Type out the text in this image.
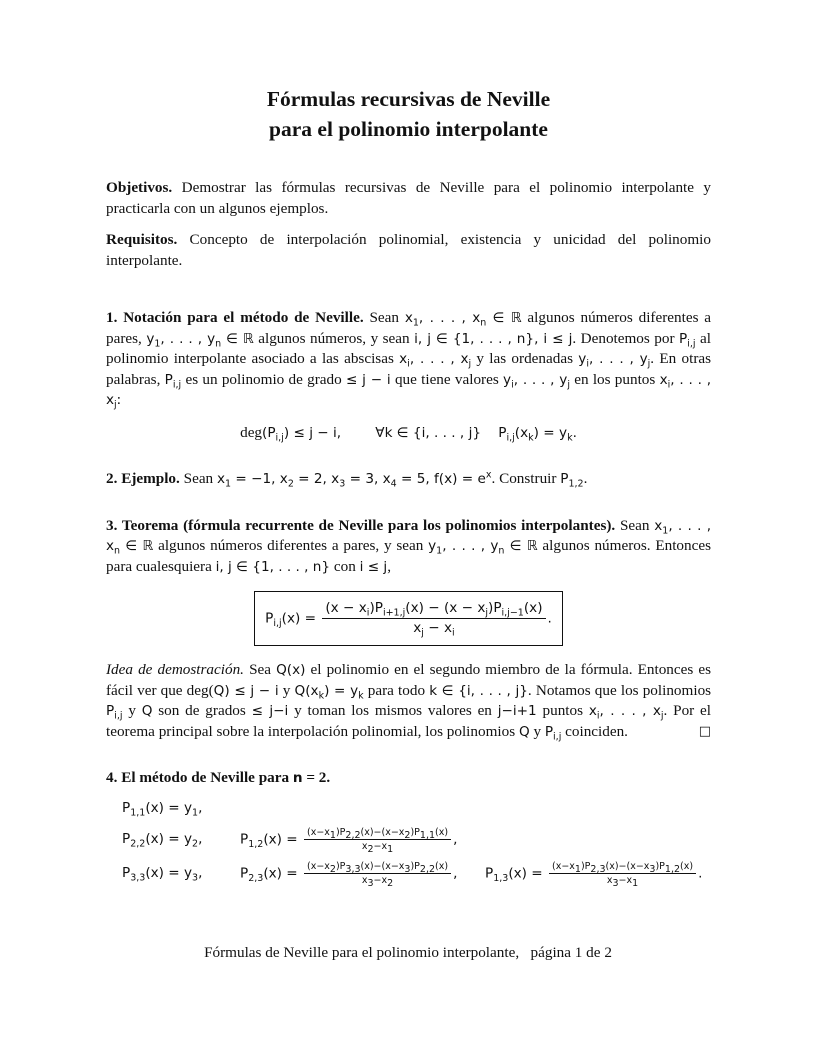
Fórmulas recursivas de Neville
para el polinomio interpolante

Objetivos. Demostrar las fórmulas recursivas de Neville para el polinomio interpolante y practicarla con un algunos ejemplos.

Requisitos. Concepto de interpolación polinomial, existencia y unicidad del polinomio interpolante.

1. Notación para el método de Neville. Sean $x_1$, . . . , $x_n$ ∈ ℝ algunos números diferentes a pares, $y_1$, . . . , $y_n$ ∈ ℝ algunos números, y sean i, j ∈ {1, . . . , n}, i ≤ j. Denotemos por $P_{i,j}$ al polinomio interpolante asociado a las abscisas $x_i$, . . . , $x_j$ y las ordenadas $y_i$, . . . , $y_j$. En otras palabras, $P_{i,j}$ es un polinomio de grado ≤ j − i que tiene valores $y_i$, . . . , $y_j$ en los puntos $x_i$, . . . , $x_j$:

$deg(P_{i,j}) \le j - i$,	∀k ∈ {i, . . . , j}    $P_{i,j}(x_k) = y_k$.

2. Ejemplo. Sean $x_1 = -1$, $x_2 = 2$, $x_3 = 3$, $x_4 = 5$, $f(x) = e^x$. Construir $P_{1,2}$.

3. Teorema (fórmula recurrente de Neville para los polinomios interpolantes). Sean $x_1$, . . . , $x_n$ ∈ ℝ algunos números diferentes a pares, y sean $y_1$, . . . , $y_n$ ∈ ℝ algunos números. Entonces para cualesquiera i, j ∈ {1, . . . , n} con i ≤ j,

$P_{i,j}(x) = \frac{(x - x_i)P_{i+1,j}(x) - (x - x_j)P_{i,j-1}(x)}{x_j - x_i}$ .

Idea de demostración. Sea Q(x) el polinomio en el segundo miembro de la fórmula. Entonces es fácil ver que deg(Q) ≤ j − i y $Q(x_k) = y_k$ para todo k ∈ {i, . . . , j}. Notamos que los polinomios $P_{i,j}$ y Q son de grados ≤ j−i y toman los mismos valores en j−i+1 puntos $x_i$, . . . , $x_j$. Por el teorema principal sobre la interpolación polinomial, los polinomios Q y $P_{i,j}$ coinciden.	□

4. El método de Neville para n = 2.

$P_{1,1}(x) = y_1$,
$P_{2,2}(x) = y_2$,	$P_{1,2}(x) = \frac{(x-x_1)P_{2,2}(x)-(x-x_2)P_{1,1}(x)}{x_2-x_1}$ ,
$P_{3,3}(x) = y_3$,	$P_{2,3}(x) = \frac{(x-x_2)P_{3,3}(x)-(x-x_3)P_{2,2}(x)}{x_3-x_2}$ ,	$P_{1,3}(x) = \frac{(x-x_1)P_{2,3}(x)-(x-x_3)P_{1,2}(x)}{x_3-x_1}$ .
Fórmulas de Neville para el polinomio interpolante,   página 1 de 2
